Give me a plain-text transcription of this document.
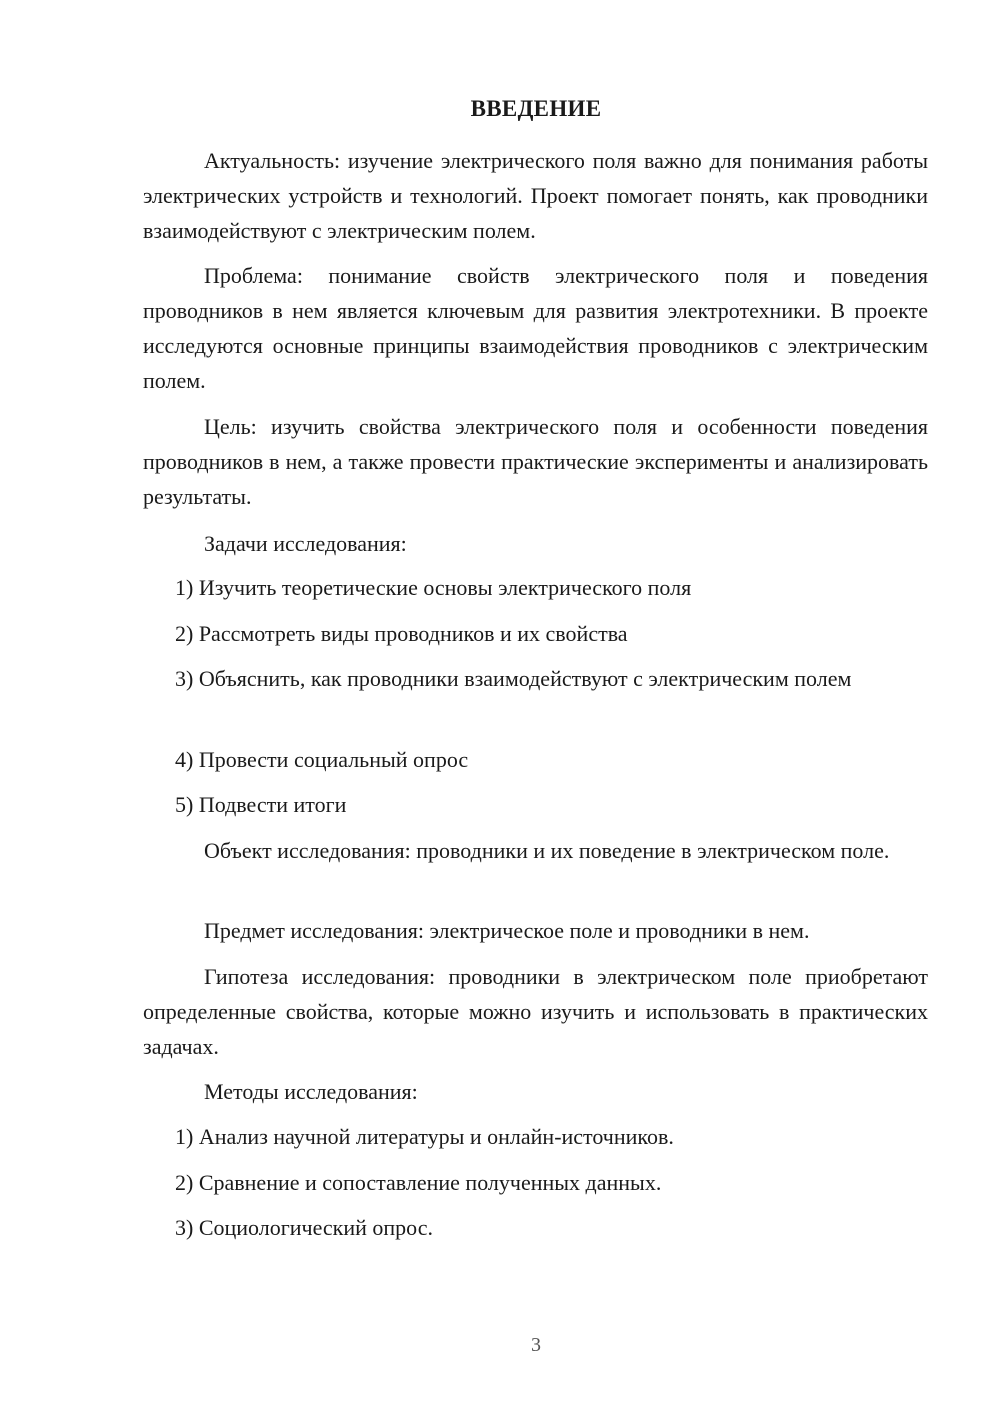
ВВЕДЕНИЕ

Актуальность: изучение электрического поля важно для понимания работы электрических устройств и технологий. Проект помогает понять, как проводники взаимодействуют с электрическим полем.

Проблема: понимание свойств электрического поля и поведения проводников в нем является ключевым для развития электротехники. В проекте исследуются основные принципы взаимодействия проводников с электрическим полем.

Цель: изучить свойства электрического поля и особенности поведения проводников в нем, а также провести практические эксперименты и анализировать результаты.

Задачи исследования:

1) Изучить теоретические основы электрического поля

2) Рассмотреть виды проводников и их свойства

3) Объяснить, как проводники взаимодействуют с электрическим полем

4) Провести социальный опрос

5) Подвести итоги

Объект исследования: проводники и их поведение в электрическом поле.

Предмет исследования: электрическое поле и проводники в нем.

Гипотеза исследования: проводники в электрическом поле приобретают определенные свойства, которые можно изучить и использовать в практических задачах.

Методы исследования:

1) Анализ научной литературы и онлайн-источников.

2) Сравнение и сопоставление полученных данных.

3) Социологический опрос.

3
